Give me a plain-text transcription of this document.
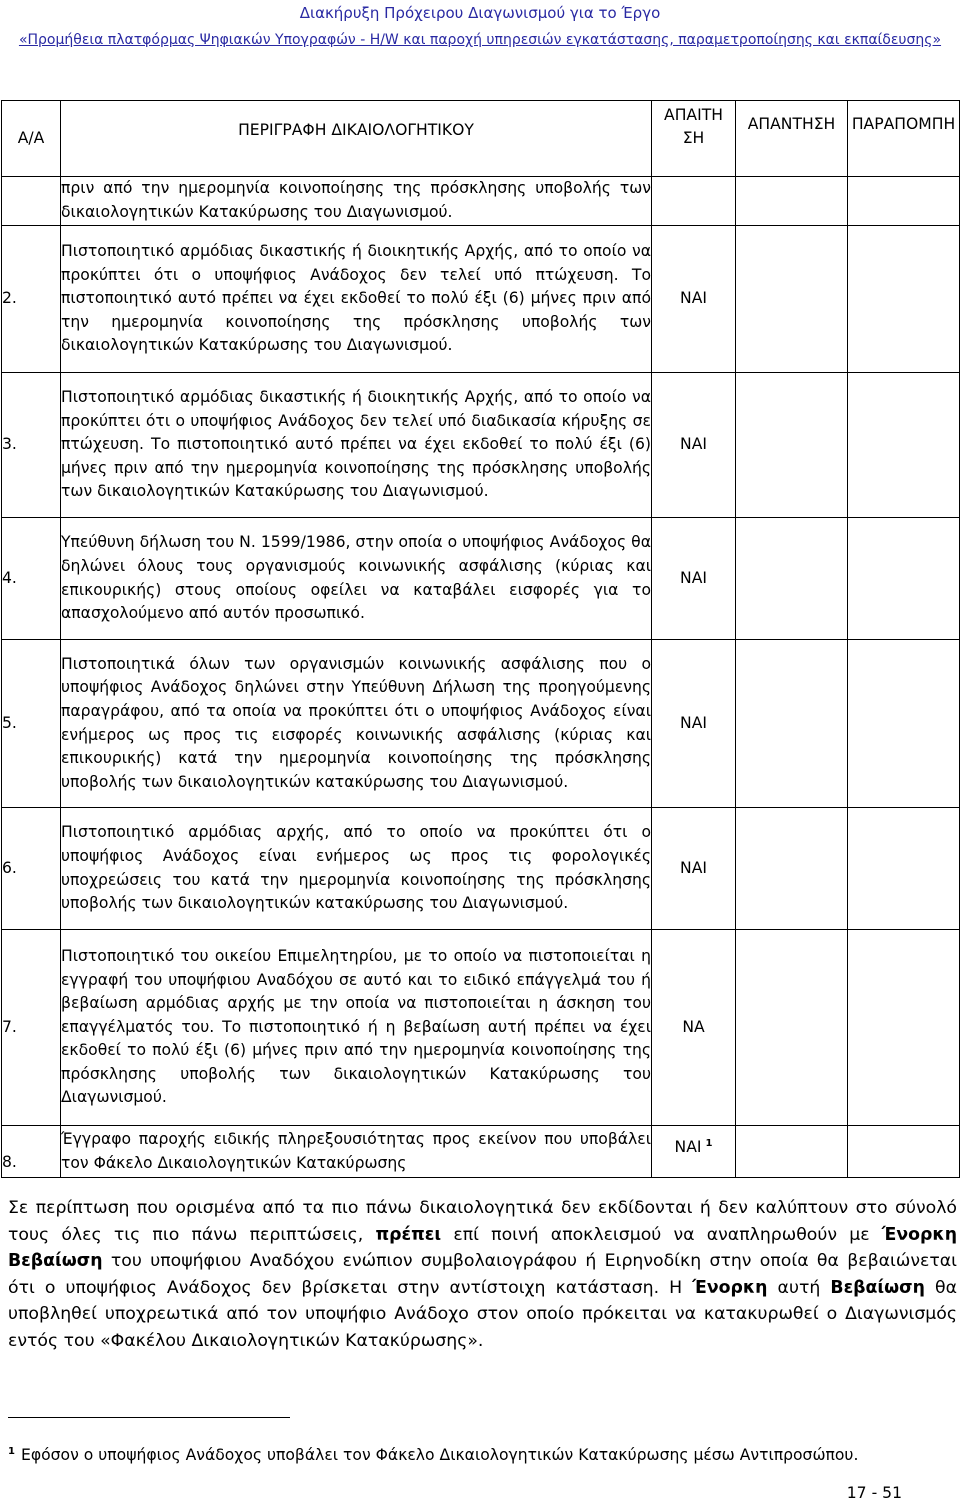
Διακήρυξη Πρόχειρου Διαγωνισμού για το Έργο
«Προμήθεια πλατφόρμας Ψηφιακών Υπογραφών - H/W και παροχή υπηρεσιών εγκατάστασης, παραμετροποίησης και εκπαίδευσης»
Α/Α	ΠΕΡΙΓΡΑΦΗ ΔΙΚΑΙΟΛΟΓΗΤΙΚΟΥ	ΑΠΑΙΤΗΣΗ	ΑΠΑΝΤΗΣΗ	ΠΑΡΑΠΟΜΠΗ
	πριν από την ημερομηνία κοινοποίησης της πρόσκλησης υποβολής των δικαιολογητικών Κατακύρωσης του Διαγωνισμού.			
2.	Πιστοποιητικό αρμόδιας δικαστικής ή διοικητικής Αρχής, από το οποίο να προκύπτει ότι ο υποψήφιος Ανάδοχος δεν τελεί υπό πτώχευση. Το πιστοποιητικό αυτό πρέπει να έχει εκδοθεί το πολύ έξι (6) μήνες πριν από την ημερομηνία κοινοποίησης της πρόσκλησης υποβολής των δικαιολογητικών Κατακύρωσης του Διαγωνισμού.	ΝΑΙ		
3.	Πιστοποιητικό αρμόδιας δικαστικής ή διοικητικής Αρχής, από το οποίο να προκύπτει ότι ο υποψήφιος Ανάδοχος δεν τελεί υπό διαδικασία κήρυξης σε πτώχευση. Το πιστοποιητικό αυτό πρέπει να έχει εκδοθεί το πολύ έξι (6) μήνες πριν από την ημερομηνία κοινοποίησης της πρόσκλησης υποβολής των δικαιολογητικών Κατακύρωσης του Διαγωνισμού.	ΝΑΙ		
4.	Υπεύθυνη δήλωση του Ν. 1599/1986, στην οποία ο υποψήφιος Ανάδοχος θα δηλώνει όλους τους οργανισμούς κοινωνικής ασφάλισης (κύριας και επικουρικής) στους οποίους οφείλει να καταβάλει εισφορές για το απασχολούμενο από αυτόν προσωπικό.	ΝΑΙ		
5.	Πιστοποιητικά όλων των οργανισμών κοινωνικής ασφάλισης που ο υποψήφιος Ανάδοχος δηλώνει στην Υπεύθυνη Δήλωση της προηγούμενης παραγράφου, από τα οποία να προκύπτει ότι ο υποψήφιος Ανάδοχος είναι ενήμερος ως προς τις εισφορές κοινωνικής ασφάλισης (κύριας και επικουρικής) κατά την ημερομηνία κοινοποίησης της πρόσκλησης υποβολής των δικαιολογητικών κατακύρωσης του Διαγωνισμού.	ΝΑΙ		
6.	Πιστοποιητικό αρμόδιας αρχής, από το οποίο να προκύπτει ότι ο υποψήφιος Ανάδοχος είναι ενήμερος ως προς τις φορολογικές υποχρεώσεις του κατά την ημερομηνία κοινοποίησης της πρόσκλησης υποβολής των δικαιολογητικών κατακύρωσης του Διαγωνισμού.	ΝΑΙ		
7.	Πιστοποιητικό του οικείου Επιμελητηρίου, με το οποίο να πιστοποιείται η εγγραφή του υποψήφιου Αναδόχου σε αυτό και το ειδικό επάγγελμά του ή βεβαίωση αρμόδιας αρχής με την οποία να πιστοποιείται η άσκηση του επαγγέλματός του. Το πιστοποιητικό ή η βεβαίωση αυτή πρέπει να έχει εκδοθεί το πολύ έξι (6) μήνες πριν από την ημερομηνία κοινοποίησης της πρόσκλησης υποβολής των δικαιολογητικών Κατακύρωσης του Διαγωνισμού.	ΝΑ		
8.	Έγγραφο παροχής ειδικής πληρεξουσιότητας προς εκείνον που υποβάλει τον Φάκελο Δικαιολογητικών Κατακύρωσης	ΝΑΙ $^1$		
Σε περίπτωση που ορισμένα από τα πιο πάνω δικαιολογητικά δεν εκδίδονται ή δεν καλύπτουν στο σύνολό τους όλες τις πιο πάνω περιπτώσεις, πρέπει επί ποινή αποκλεισμού να αναπληρωθούν με Ένορκη Βεβαίωση του υποψήφιου Αναδόχου ενώπιον συμβολαιογράφου ή Ειρηνοδίκη στην οποία θα βεβαιώνεται ότι ο υποψήφιος Ανάδοχος δεν βρίσκεται στην αντίστοιχη κατάσταση. Η Ένορκη αυτή Βεβαίωση θα υποβληθεί υποχρεωτικά από τον υποψήφιο Ανάδοχο στον οποίο πρόκειται να κατακυρωθεί ο Διαγωνισμός εντός του «Φακέλου Δικαιολογητικών Κατακύρωσης».
$^1$ Εφόσον ο υποψήφιος Ανάδοχος υποβάλει τον Φάκελο Δικαιολογητικών Κατακύρωσης μέσω Αντιπροσώπου.
17 - 51
